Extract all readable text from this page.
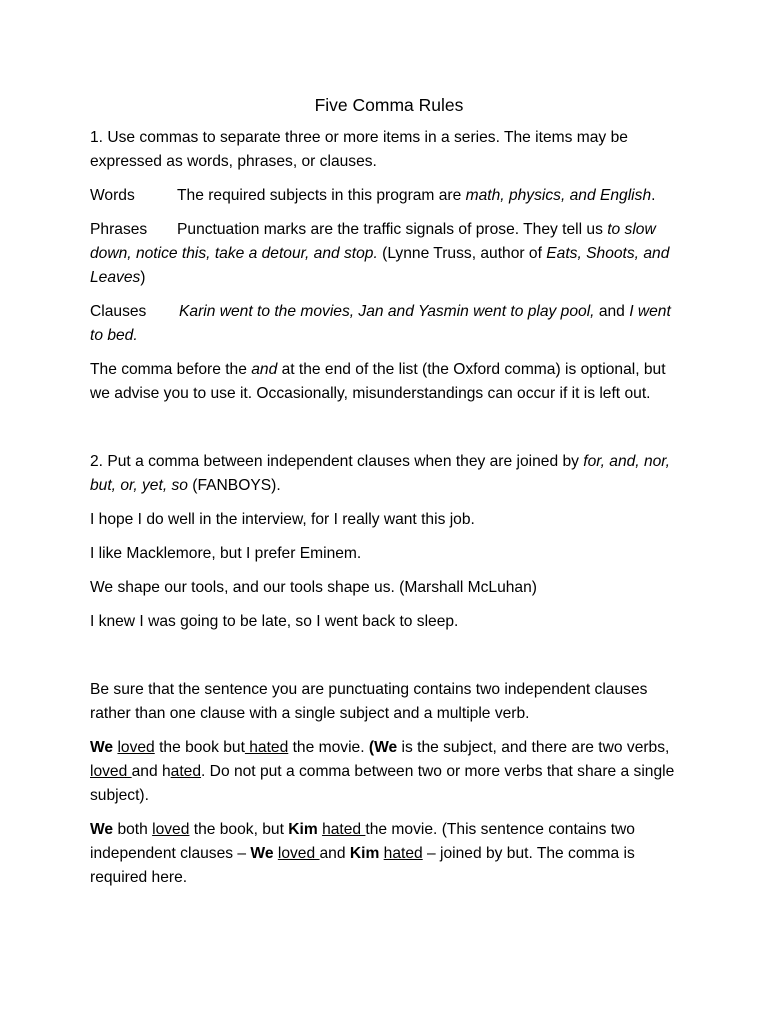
Five Comma Rules

1. Use commas to separate three or more items in a series. The items may be expressed as words, phrases, or clauses.

Words	The required subjects in this program are math, physics, and English.

Phrases Punctuation marks are the traffic signals of prose. They tell us to slow down, notice this, take a detour, and stop. (Lynne Truss, author of Eats, Shoots, and Leaves)

Clauses Karin went to the movies, Jan and Yasmin went to play pool, and I went to bed.

The comma before the and at the end of the list (the Oxford comma) is optional, but we advise you to use it. Occasionally, misunderstandings can occur if it is left out.

2. Put a comma between independent clauses when they are joined by for, and, nor, but, or, yet, so (FANBOYS).

I hope I do well in the interview, for I really want this job.

I like Macklemore, but I prefer Eminem.

We shape our tools, and our tools shape us. (Marshall McLuhan)

I knew I was going to be late, so I went back to sleep.

Be sure that the sentence you are punctuating contains two independent clauses rather than one clause with a single subject and a multiple verb.

We loved the book but hated the movie. (We is the subject, and there are two verbs, loved and hated. Do not put a comma between two or more verbs that share a single subject).

We both loved the book, but Kim hated the movie. (This sentence contains two independent clauses – We loved and Kim hated – joined by but. The comma is required here.
